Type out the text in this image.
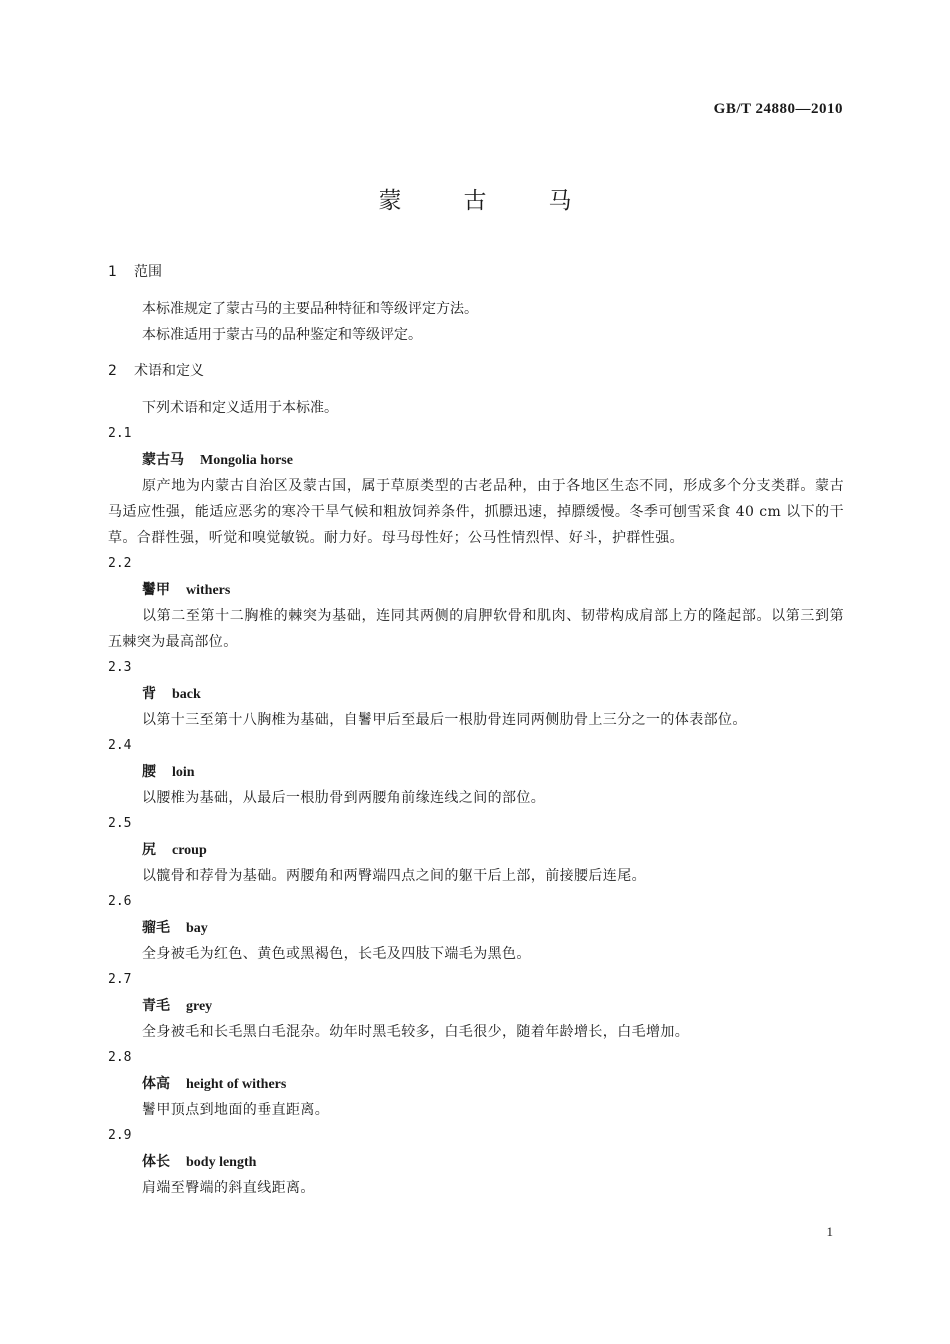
GB/T 24880—2010
蒙	古	马
1 范围
本标准规定了蒙古马的主要品种特征和等级评定方法。
本标准适用于蒙古马的品种鉴定和等级评定。
2 术语和定义
下列术语和定义适用于本标准。
2.1
蒙古马 Mongolia horse
原产地为内蒙古自治区及蒙古国，属于草原类型的古老品种，由于各地区生态不同，形成多个分支类群。蒙古马适应性强，能适应恶劣的寒冷干旱气候和粗放饲养条件，抓膘迅速，掉膘缓慢。冬季可刨雪采食 40 cm 以下的干草。合群性强，听觉和嗅觉敏锐。耐力好。母马母性好；公马性情烈悍、好斗，护群性强。
2.2
鬐甲 withers
以第二至第十二胸椎的棘突为基础，连同其两侧的肩胛软骨和肌肉、韧带构成肩部上方的隆起部。以第三到第五棘突为最高部位。
2.3
背 back
以第十三至第十八胸椎为基础，自鬐甲后至最后一根肋骨连同两侧肋骨上三分之一的体表部位。
2.4
腰 loin
以腰椎为基础，从最后一根肋骨到两腰角前缘连线之间的部位。
2.5
尻 croup
以髋骨和荐骨为基础。两腰角和两臀端四点之间的躯干后上部，前接腰后连尾。
2.6
骝毛 bay
全身被毛为红色、黄色或黑褐色，长毛及四肢下端毛为黑色。
2.7
青毛 grey
全身被毛和长毛黑白毛混杂。幼年时黑毛较多，白毛很少，随着年龄增长，白毛增加。
2.8
体高 height of withers
鬐甲顶点到地面的垂直距离。
2.9
体长 body length
肩端至臀端的斜直线距离。
1
